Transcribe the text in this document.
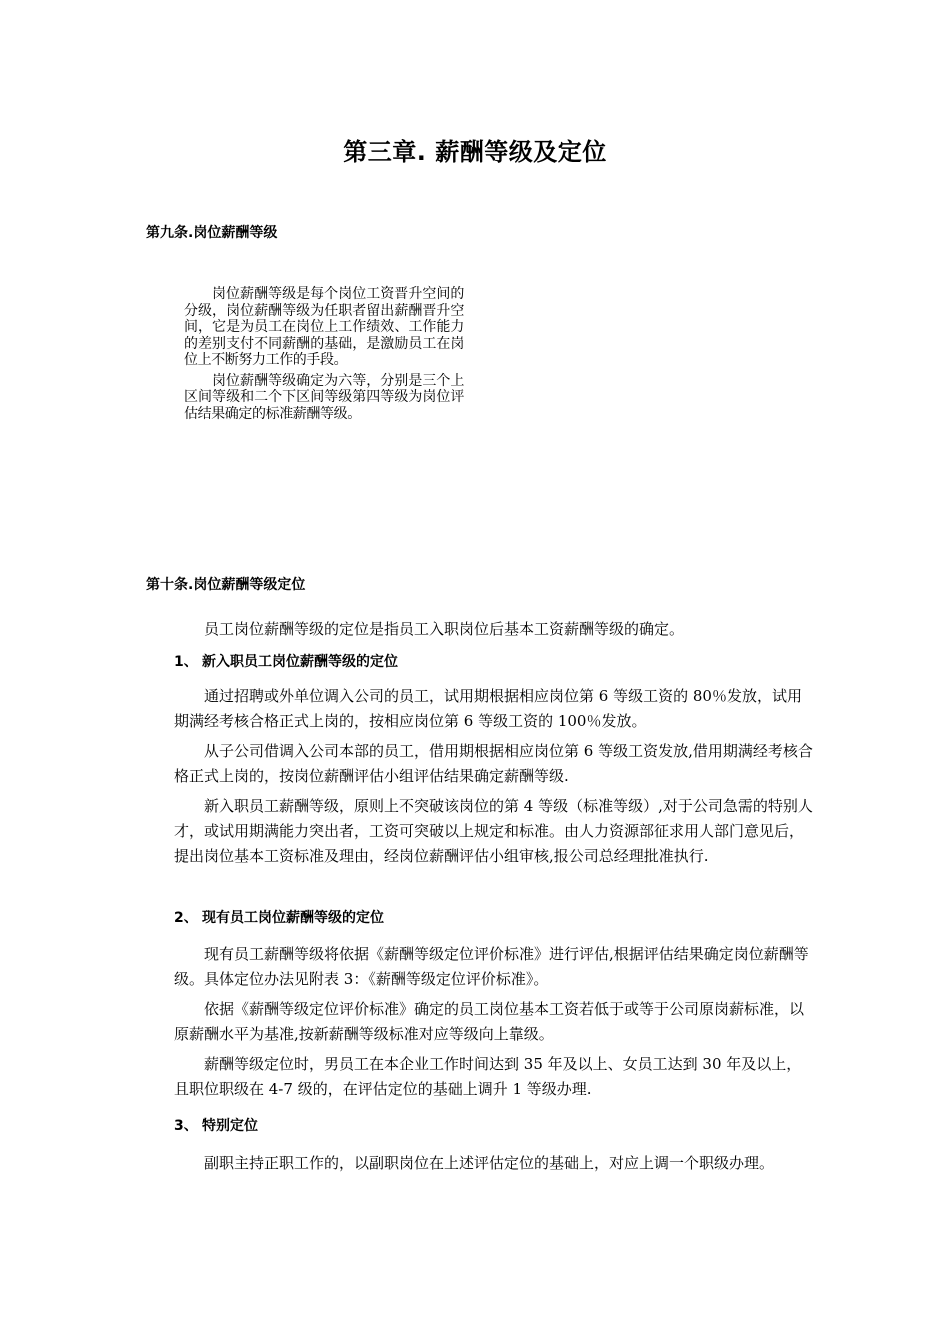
第三章. 薪酬等级及定位
第九条.岗位薪酬等级

岗位薪酬等级是每个岗位工资晋升空间的分级，岗位薪酬等级为任职者留出薪酬晋升空间，它是为员工在岗位上工作绩效、工作能力的差别支付不同薪酬的基础，是激励员工在岗位上不断努力工作的手段。

岗位薪酬等级确定为六等，分别是三个上区间等级和二个下区间等级第四等级为岗位评估结果确定的标准薪酬等级。

第十条.岗位薪酬等级定位

员工岗位薪酬等级的定位是指员工入职岗位后基本工资薪酬等级的确定。

1、 新入职员工岗位薪酬等级的定位

通过招聘或外单位调入公司的员工，试用期根据相应岗位第 6 等级工资的 80％发放，试用期满经考核合格正式上岗的，按相应岗位第 6 等级工资的 100％发放。

从子公司借调入公司本部的员工，借用期根据相应岗位第 6 等级工资发放,借用期满经考核合格正式上岗的，按岗位薪酬评估小组评估结果确定薪酬等级.

新入职员工薪酬等级，原则上不突破该岗位的第 4 等级（标准等级）,对于公司急需的特别人才，或试用期满能力突出者，工资可突破以上规定和标准。由人力资源部征求用人部门意见后，提出岗位基本工资标准及理由，经岗位薪酬评估小组审核,报公司总经理批准执行.

2、 现有员工岗位薪酬等级的定位

现有员工薪酬等级将依据《薪酬等级定位评价标准》进行评估,根据评估结果确定岗位薪酬等级。具体定位办法见附表 3：《薪酬等级定位评价标准》。

依据《薪酬等级定位评价标准》确定的员工岗位基本工资若低于或等于公司原岗薪标准，以原薪酬水平为基准,按新薪酬等级标准对应等级向上靠级。

薪酬等级定位时，男员工在本企业工作时间达到 35 年及以上、女员工达到 30 年及以上，且职位职级在 4-7 级的，在评估定位的基础上调升 1 等级办理.

3、 特别定位

副职主持正职工作的，以副职岗位在上述评估定位的基础上，对应上调一个职级办理。
